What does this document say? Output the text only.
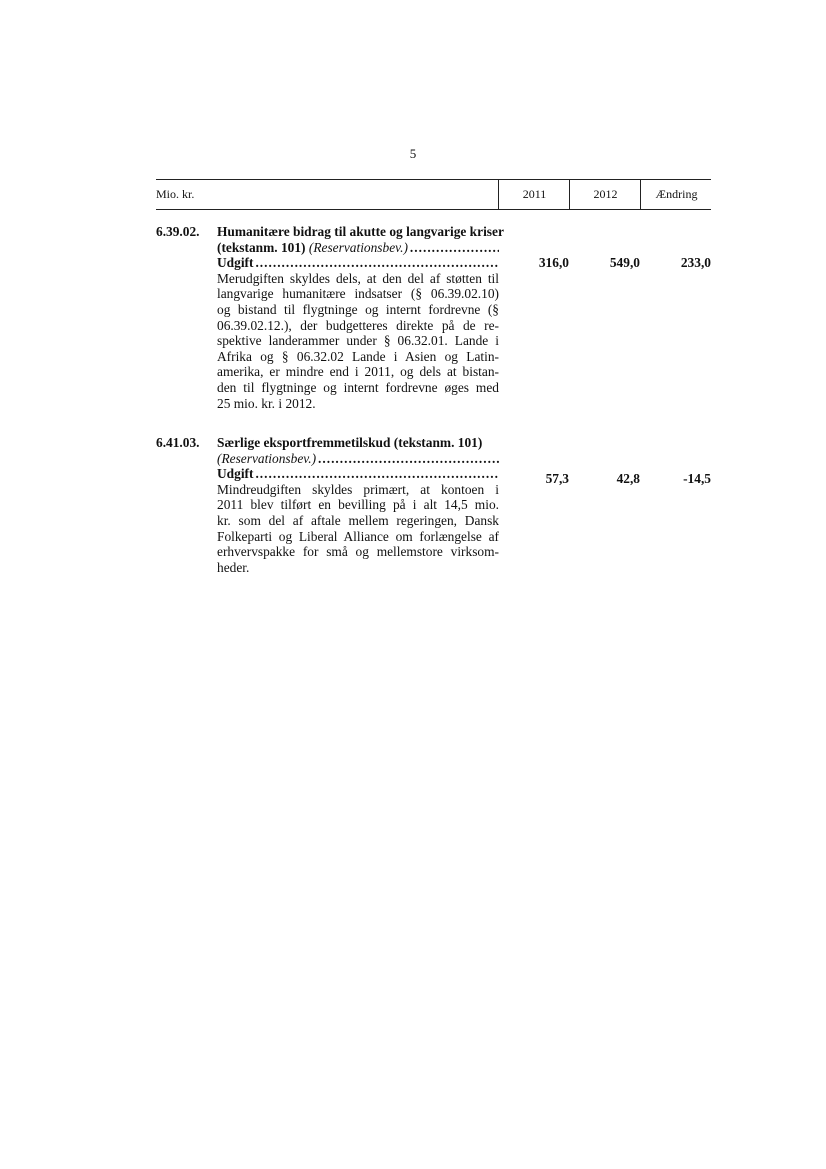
5
Mio. kr.	2011	2012	Ændring
6.39.02. Humanitære bidrag til akutte og langvarige kriser
(tekstanm. 101)
(Reservationsbev.)
.....
Udgift
.....
Merudgiften skyldes dels, at den del af støtten til
langvarige humanitære indsatser (§ 06.39.02.10)
og bistand til flygtninge og internt fordrevne (§
06.39.02.12.), der budgetteres direkte på de re-
spektive landerammer under § 06.32.01. Lande i
Afrika og § 06.32.02 Lande i Asien og Latin-
amerika, er mindre end i 2011, og dels at bistan-
den til flygtninge og internt fordrevne øges med
25 mio. kr. i 2012.
316,0	549,0	233,0
6.41.03. Særlige eksportfremmetilskud (tekstanm. 101)
(Reservationsbev.)
.....
Udgift
.....
Mindreudgiften skyldes primært, at kontoen i
2011 blev tilført en bevilling på i alt 14,5 mio.
kr. som del af aftale mellem regeringen, Dansk
Folkeparti og Liberal Alliance om forlængelse af
erhvervspakke for små og mellemstore virksom-
heder.
57,3	42,8	-14,5
